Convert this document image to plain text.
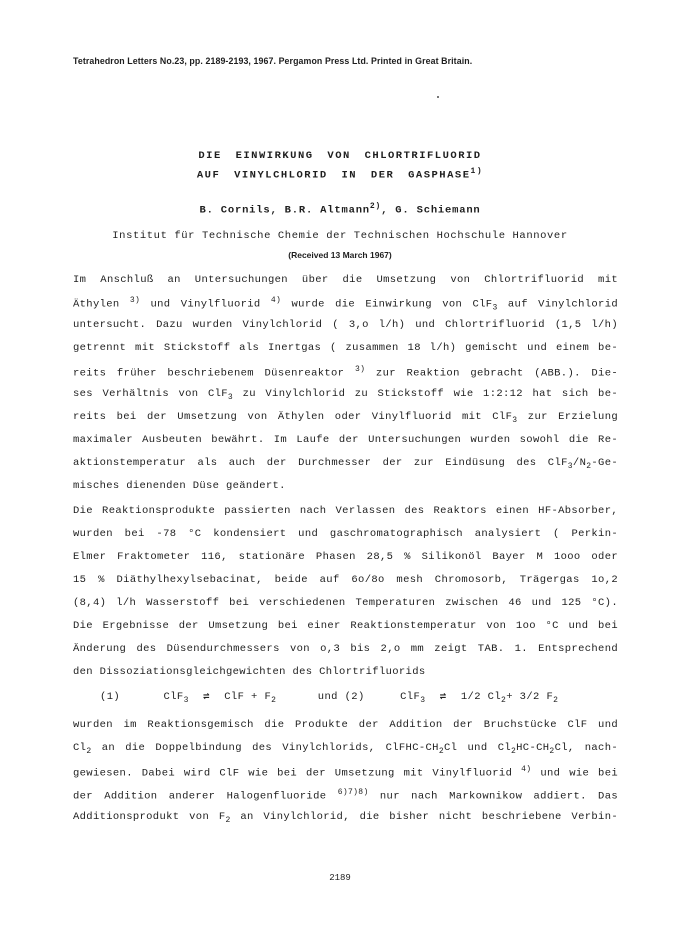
Tetrahedron Letters No.23, pp. 2189-2193, 1967. Pergamon Press Ltd. Printed in Great Britain.
DIE EINWIRKUNG VON CHLORTRIFLUORID
AUF VINYLCHLORID IN DER GASPHASE$^{1)}$
B. Cornils, B.R. Altmann$^{2)}$, G. Schiemann
Institut für Technische Chemie der Technischen Hochschule Hannover
(Received 13 March 1967)
Im Anschluß an Untersuchungen über die Umsetzung von Chlortrifluorid mit
Äthylen $^{3)}$ und Vinylfluorid $^{4)}$ wurde die Einwirkung von ClF$_3$ auf Vinylchlorid
untersucht. Dazu wurden Vinylchlorid ( 3,o l/h) und Chlortrifluorid (1,5 l/h)
getrennt mit Stickstoff als Inertgas ( zusammen 18 l/h) gemischt und einem be-
reits früher beschriebenem Düsenreaktor $^{3)}$ zur Reaktion gebracht (ABB.). Die-
ses Verhältnis von ClF$_3$ zu Vinylchlorid zu Stickstoff wie 1:2:12 hat sich be-
reits bei der Umsetzung von Äthylen oder Vinylfluorid mit ClF$_3$ zur Erzielung
maximaler Ausbeuten bewährt. Im Laufe der Untersuchungen wurden sowohl die Re-
aktionstemperatur als auch der Durchmesser der zur Eindüsung des $ClF_3/N_2-Ge-$
misches dienenden Düse geändert.
Die Reaktionsprodukte passierten nach Verlassen des Reaktors einen HF-Absorber,
wurden bei -78 °C kondensiert und gaschromatographisch analysiert ( Perkin-
Elmer Fraktometer 116, stationäre Phasen 28,5 % Silikonöl Bayer M 1ooo oder
15 % Diäthylhexylsebacinat, beide auf 6o/8o mesh Chromosorb, Trägergas 1o,2
(8,4) l/h Wasserstoff bei verschiedenen Temperaturen zwischen 46 und 125 °C).
Die Ergebnisse der Umsetzung bei einer Reaktionstemperatur von 1oo °C und bei
Änderung des Düsendurchmessers von o,3 bis 2,o mm zeigt TAB. 1. Entsprechend
den Dissoziationsgleichgewichten des Chlortrifluorids
(1)	ClF$_3$ ⇌ ClF + $F_2$	und (2)	ClF$_3$ ⇌ 1/2 $Cl_2+ 3/2$ $F_2$
wurden im Reaktionsgemisch die Produkte der Addition der Bruchstücke ClF und
$Cl_2$ an die Doppelbindung des Vinylchlorids, ClFHC-$CH_2Cl$ und $Cl_2HC-CH_2Cl$, nach-
gewiesen. Dabei wird ClF wie bei der Umsetzung mit Vinylfluorid $^{4)}$ und wie bei
der Addition anderer Halogenfluoride $^{6)7)8)}$ nur nach Markownikow addiert. Das
Additionsprodukt von $F_2$ an Vinylchlorid, die bisher nicht beschriebene Verbin-
2189
